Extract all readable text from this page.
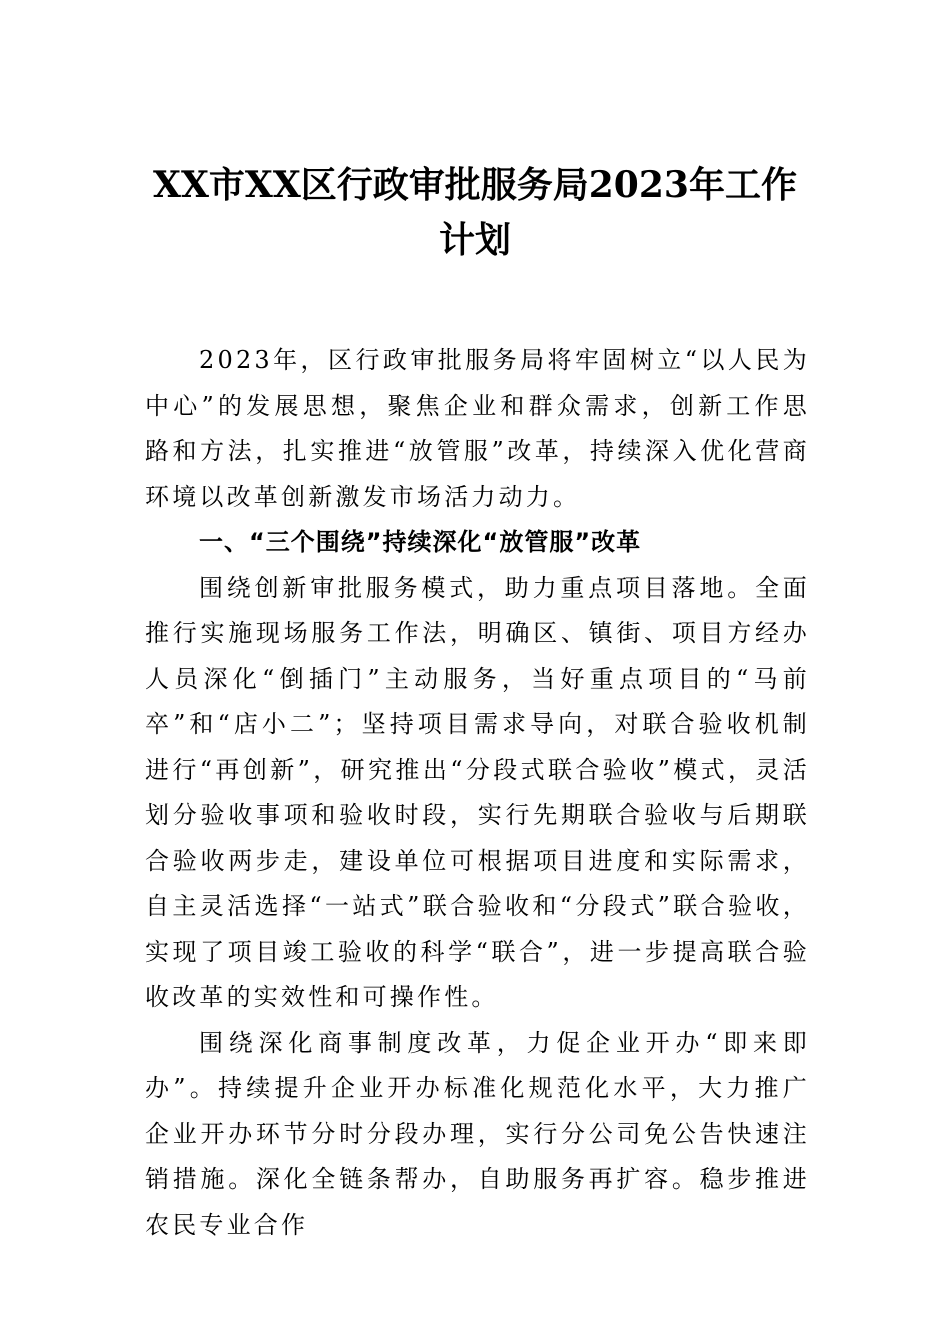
XX市XX区行政审批服务局2023年工作
计划

2023年，区行政审批服务局将牢固树立“以人民为中心”的发展思想，聚焦企业和群众需求，创新工作思路和方法，扎实推进“放管服”改革，持续深入优化营商环境以改革创新激发市场活力动力。

一、“三个围绕”持续深化“放管服”改革

围绕创新审批服务模式，助力重点项目落地。全面推行实施现场服务工作法，明确区、镇街、项目方经办人员深化“倒插门”主动服务，当好重点项目的“马前卒”和“店小二”；坚持项目需求导向，对联合验收机制进行“再创新”，研究推出“分段式联合验收”模式，灵活划分验收事项和验收时段，实行先期联合验收与后期联合验收两步走，建设单位可根据项目进度和实际需求，自主灵活选择“一站式”联合验收和“分段式”联合验收，实现了项目竣工验收的科学“联合”，进一步提高联合验收改革的实效性和可操作性。

围绕深化商事制度改革，力促企业开办“即来即办”。持续提升企业开办标准化规范化水平，大力推广企业开办环节分时分段办理，实行分公司免公告快速注销措施。深化全链条帮办，自助服务再扩容。稳步推进农民专业合作
